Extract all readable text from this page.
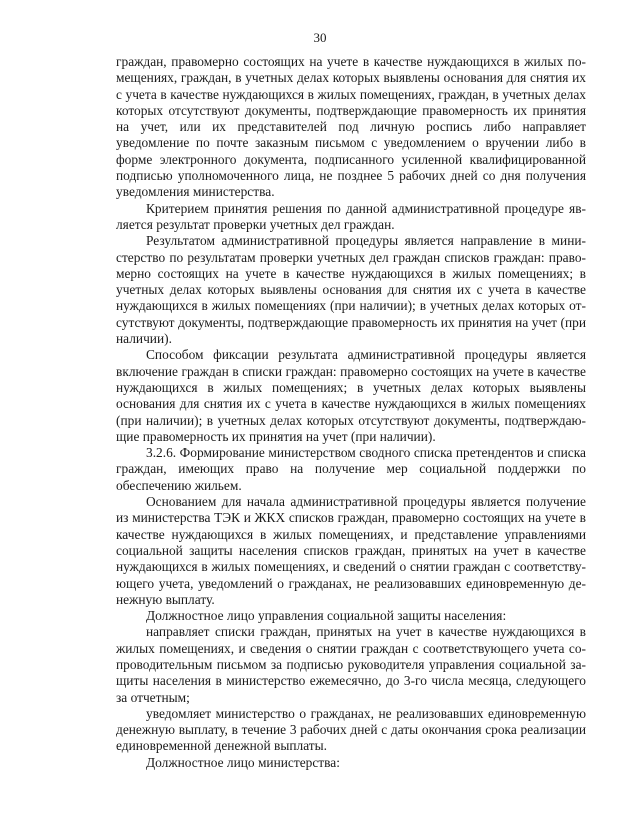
30

граждан, правомерно состоящих на учете в качестве нуждающихся в жилых помещениях, граждан, в учетных делах которых выявлены основания для снятия их с учета в качестве нуждающихся в жилых помещениях, граждан, в учетных делах которых отсутствуют документы, подтверждающие правомерность их принятия на учет, или их представителей под личную роспись либо направляет уведомление по почте заказным письмом с уведомлением о вручении либо в форме электронного документа, подписанного усиленной квалифицированной подписью уполномоченного лица, не позднее 5 рабочих дней со дня получения уведомления министерства.

Критерием принятия решения по данной административной процедуре является результат проверки учетных дел граждан.

Результатом административной процедуры является направление в министерство по результатам проверки учетных дел граждан списков граждан: правомерно состоящих на учете в качестве нуждающихся в жилых помещениях; в учетных делах которых выявлены основания для снятия их с учета в качестве нуждающихся в жилых помещениях (при наличии); в учетных делах которых отсутствуют документы, подтверждающие правомерность их принятия на учет (при наличии).

Способом фиксации результата административной процедуры является включение граждан в списки граждан: правомерно состоящих на учете в качестве нуждающихся в жилых помещениях; в учетных делах которых выявлены основания для снятия их с учета в качестве нуждающихся в жилых помещениях (при наличии); в учетных делах которых отсутствуют документы, подтверждающие правомерность их принятия на учет (при наличии).

3.2.6. Формирование министерством сводного списка претендентов и списка граждан, имеющих право на получение мер социальной поддержки по обеспечению жильем.

Основанием для начала административной процедуры является получение из министерства ТЭК и ЖКХ списков граждан, правомерно состоящих на учете в качестве нуждающихся в жилых помещениях, и представление управлениями социальной защиты населения списков граждан, принятых на учет в качестве нуждающихся в жилых помещениях, и сведений о снятии граждан с соответствующего учета, уведомлений о гражданах, не реализовавших единовременную денежную выплату.

Должностное лицо управления социальной защиты населения:

направляет списки граждан, принятых на учет в качестве нуждающихся в жилых помещениях, и сведения о снятии граждан с соответствующего учета сопроводительным письмом за подписью руководителя управления социальной защиты населения в министерство ежемесячно, до 3-го числа месяца, следующего за отчетным;

уведомляет министерство о гражданах, не реализовавших единовременную денежную выплату, в течение 3 рабочих дней с даты окончания срока реализации единовременной денежной выплаты.

Должностное лицо министерства:
